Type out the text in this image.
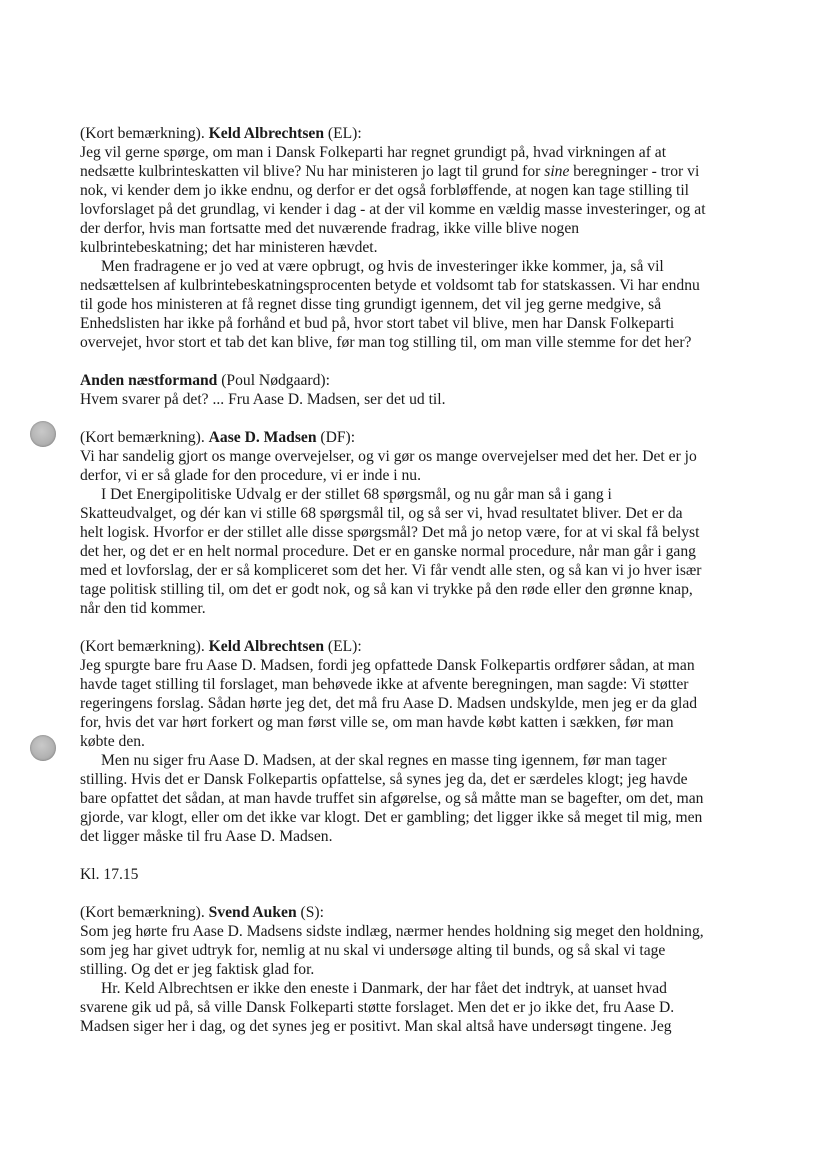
(Kort bemærkning). Keld Albrechtsen (EL):
Jeg vil gerne spørge, om man i Dansk Folkeparti har regnet grundigt på, hvad virkningen af at
nedsætte kulbrinteskatten vil blive? Nu har ministeren jo lagt til grund for sine beregninger - tror vi
nok, vi kender dem jo ikke endnu, og derfor er det også forbløffende, at nogen kan tage stilling til
lovforslaget på det grundlag, vi kender i dag - at der vil komme en vældig masse investeringer, og at
der derfor, hvis man fortsatte med det nuværende fradrag, ikke ville blive nogen
kulbrintebeskatning; det har ministeren hævdet.
Men fradragene er jo ved at være opbrugt, og hvis de investeringer ikke kommer, ja, så vil
nedsættelsen af kulbrintebeskatningsprocenten betyde et voldsomt tab for statskassen. Vi har endnu
til gode hos ministeren at få regnet disse ting grundigt igennem, det vil jeg gerne medgive, så
Enhedslisten har ikke på forhånd et bud på, hvor stort tabet vil blive, men har Dansk Folkeparti
overvejet, hvor stort et tab det kan blive, før man tog stilling til, om man ville stemme for det her?
Anden næstformand (Poul Nødgaard):
Hvem svarer på det? ... Fru Aase D. Madsen, ser det ud til.
(Kort bemærkning). Aase D. Madsen (DF):
Vi har sandelig gjort os mange overvejelser, og vi gør os mange overvejelser med det her. Det er jo
derfor, vi er så glade for den procedure, vi er inde i nu.
I Det Energipolitiske Udvalg er der stillet 68 spørgsmål, og nu går man så i gang i
Skatteudvalget, og dér kan vi stille 68 spørgsmål til, og så ser vi, hvad resultatet bliver. Det er da
helt logisk. Hvorfor er der stillet alle disse spørgsmål? Det må jo netop være, for at vi skal få belyst
det her, og det er en helt normal procedure. Det er en ganske normal procedure, når man går i gang
med et lovforslag, der er så kompliceret som det her. Vi får vendt alle sten, og så kan vi jo hver især
tage politisk stilling til, om det er godt nok, og så kan vi trykke på den røde eller den grønne knap,
når den tid kommer.
(Kort bemærkning). Keld Albrechtsen (EL):
Jeg spurgte bare fru Aase D. Madsen, fordi jeg opfattede Dansk Folkepartis ordfører sådan, at man
havde taget stilling til forslaget, man behøvede ikke at afvente beregningen, man sagde: Vi støtter
regeringens forslag. Sådan hørte jeg det, det må fru Aase D. Madsen undskylde, men jeg er da glad
for, hvis det var hørt forkert og man først ville se, om man havde købt katten i sækken, før man
købte den.
Men nu siger fru Aase D. Madsen, at der skal regnes en masse ting igennem, før man tager
stilling. Hvis det er Dansk Folkepartis opfattelse, så synes jeg da, det er særdeles klogt; jeg havde
bare opfattet det sådan, at man havde truffet sin afgørelse, og så måtte man se bagefter, om det, man
gjorde, var klogt, eller om det ikke var klogt. Det er gambling; det ligger ikke så meget til mig, men
det ligger måske til fru Aase D. Madsen.
Kl. 17.15
(Kort bemærkning). Svend Auken (S):
Som jeg hørte fru Aase D. Madsens sidste indlæg, nærmer hendes holdning sig meget den holdning,
som jeg har givet udtryk for, nemlig at nu skal vi undersøge alting til bunds, og så skal vi tage
stilling. Og det er jeg faktisk glad for.
Hr. Keld Albrechtsen er ikke den eneste i Danmark, der har fået det indtryk, at uanset hvad
svarene gik ud på, så ville Dansk Folkeparti støtte forslaget. Men det er jo ikke det, fru Aase D.
Madsen siger her i dag, og det synes jeg er positivt. Man skal altså have undersøgt tingene. Jeg
